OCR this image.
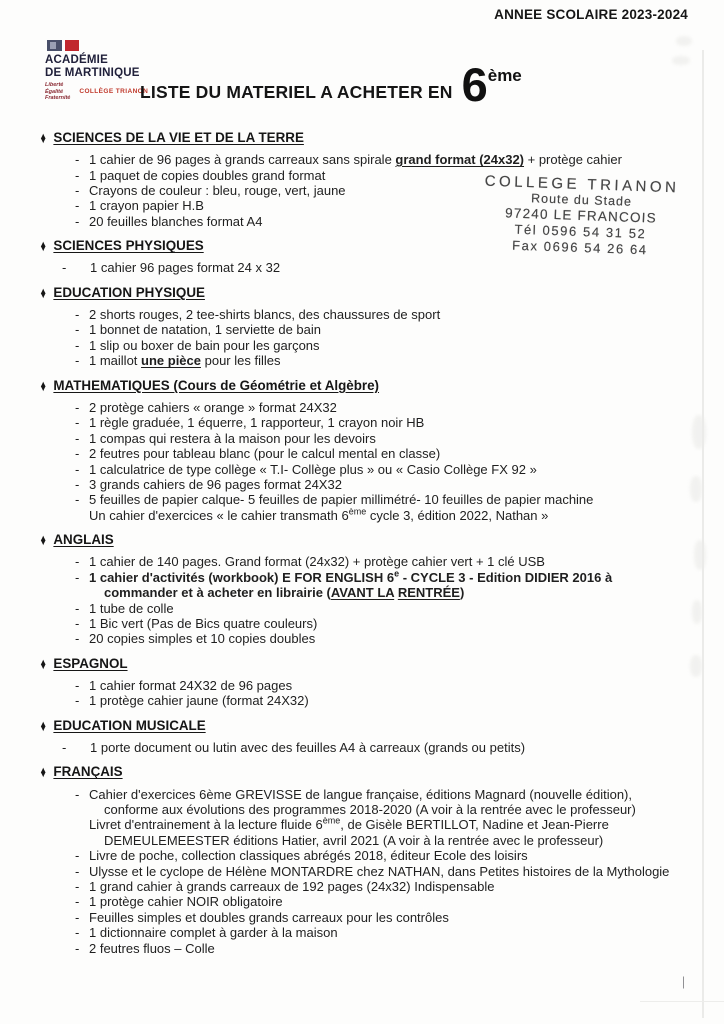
ANNEE SCOLAIRE 2023-2024
ACADÉMIE
DE MARTINIQUE
Liberté
Égalité
Fraternité
COLLÈGE TRIANON
LISTE DU MATERIEL A ACHETER EN 6 ème
COLLEGE TRIANON
Route du Stade
97240 LE FRANCOIS
Tél 0596 54 31 52
Fax 0696 54 26 64
♦ SCIENCES DE LA VIE ET DE LA TERRE
- 1 cahier de 96 pages à grands carreaux sans spirale grand format (24x32) + protège cahier
- 1 paquet de copies doubles grand format
- Crayons de couleur : bleu, rouge, vert, jaune
- 1 crayon papier H.B
- 20 feuilles blanches format A4
♦ SCIENCES PHYSIQUES
-	1 cahier 96 pages format 24 x 32
♦ EDUCATION PHYSIQUE
- 2 shorts rouges, 2 tee-shirts blancs, des chaussures de sport
- 1 bonnet de natation, 1 serviette de bain
- 1 slip ou boxer de bain pour les garçons
- 1 maillot une pièce pour les filles
♦ MATHEMATIQUES (Cours de Géométrie et Algèbre)
- 2 protège cahiers « orange » format 24X32
- 1 règle graduée, 1 équerre, 1 rapporteur, 1 crayon noir HB
- 1 compas qui restera à la maison pour les devoirs
- 2 feutres pour tableau blanc (pour le calcul mental en classe)
- 1 calculatrice de type collège « T.I- Collège plus » ou « Casio Collège FX 92 »
- 3 grands cahiers de 96 pages format 24X32
- 5 feuilles de papier calque- 5 feuilles de papier millimétré- 10 feuilles de papier machine
Un cahier d'exercices « le cahier transmath 6ème cycle 3, édition 2022, Nathan »
♦ ANGLAIS
- 1 cahier de 140 pages. Grand format (24x32) + protège cahier vert + 1 clé USB
- 1 cahier d'activités (workbook) E FOR ENGLISH 6e - CYCLE 3 - Edition DIDIER 2016 à
commander et à acheter en librairie (AVANT LA RENTRÉE)
- 1 tube de colle
- 1 Bic vert (Pas de Bics quatre couleurs)
- 20 copies simples et 10 copies doubles
♦ ESPAGNOL
- 1 cahier format 24X32 de 96 pages
- 1 protège cahier jaune (format 24X32)
♦ EDUCATION MUSICALE
-	1 porte document ou lutin avec des feuilles A4 à carreaux (grands ou petits)
♦ FRANÇAIS
- Cahier d'exercices 6ème GREVISSE de langue française, éditions Magnard (nouvelle édition),
conforme aux évolutions des programmes 2018-2020 (A voir à la rentrée avec le professeur)
Livret d'entrainement à la lecture fluide 6ème, de Gisèle BERTILLOT, Nadine et Jean-Pierre
DEMEULEMEESTER éditions Hatier, avril 2021 (A voir à la rentrée avec le professeur)
- Livre de poche, collection classiques abrégés 2018, éditeur Ecole des loisirs
- Ulysse et le cyclope de Hélène MONTARDRE chez NATHAN, dans Petites histoires de la Mythologie
- 1 grand cahier à grands carreaux de 192 pages (24x32) Indispensable
- 1 protège cahier NOIR obligatoire
- Feuilles simples et doubles grands carreaux pour les contrôles
- 1 dictionnaire complet à garder à la maison
- 2 feutres fluos – Colle
|
